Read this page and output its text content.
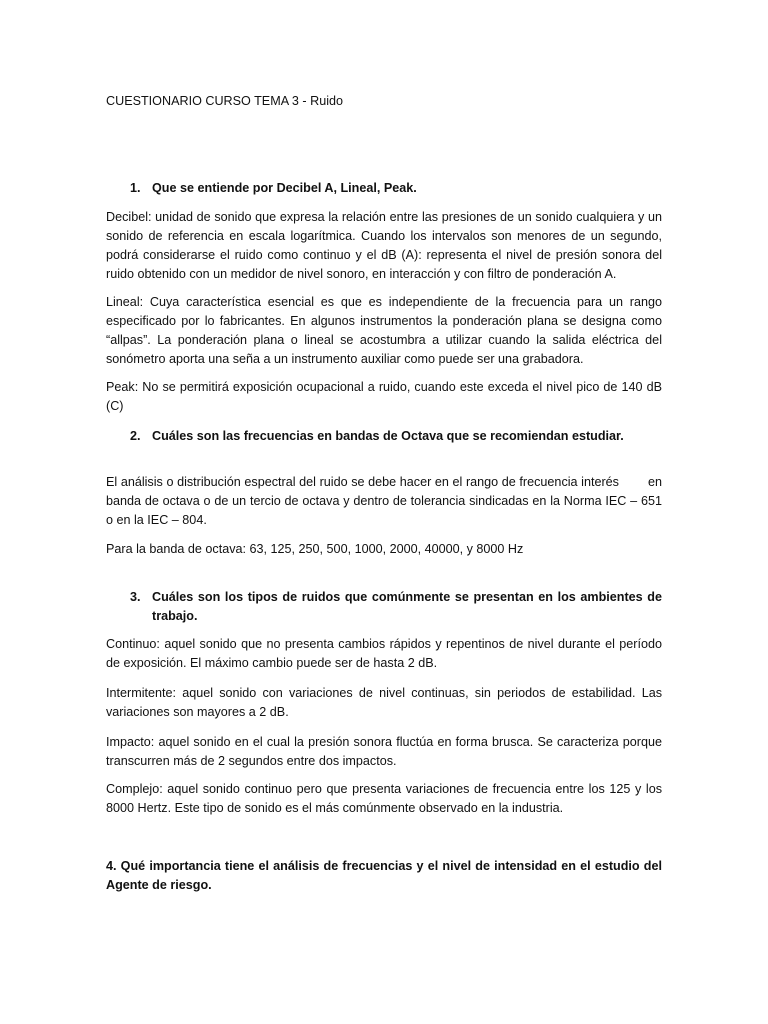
CUESTIONARIO CURSO TEMA 3 - Ruido

1. Que se entiende por Decibel A, Lineal, Peak.

Decibel: unidad de sonido que expresa la relación entre las presiones de un sonido cualquiera y un sonido de referencia en escala logarítmica. Cuando los intervalos son menores de un segundo, podrá considerarse el ruido como continuo y el dB (A): representa el nivel de presión sonora del ruido obtenido con un medidor de nivel sonoro, en interacción y con filtro de ponderación A.

Lineal: Cuya característica esencial es que es independiente de la frecuencia para un rango especificado por lo fabricantes. En algunos instrumentos la ponderación plana se designa como “allpas”. La ponderación plana o lineal se acostumbra a utilizar cuando la salida eléctrica del sonómetro aporta una seña a un instrumento auxiliar como puede ser una grabadora.

Peak: No se permitirá exposición ocupacional a ruido, cuando este exceda el nivel pico de 140 dB (C)

2. Cuáles son las frecuencias en bandas de Octava que se recomiendan estudiar.

El análisis o distribución espectral del ruido se debe hacer en el rango de frecuencia interés        en banda de octava o de un tercio de octava y dentro de tolerancia sindicadas en la Norma IEC – 651 o en la IEC – 804.

Para la banda de octava: 63, 125, 250, 500, 1000, 2000, 40000, y 8000 Hz

3. Cuáles son los tipos de ruidos que comúnmente se presentan en los ambientes de trabajo.

Continuo: aquel sonido que no presenta cambios rápidos y repentinos de nivel durante el período de exposición. El máximo cambio puede ser de hasta 2 dB.

Intermitente: aquel sonido con variaciones de nivel continuas, sin periodos de estabilidad. Las variaciones son mayores a 2 dB.

Impacto: aquel sonido en el cual la presión sonora fluctúa en forma brusca. Se caracteriza porque transcurren más de 2 segundos entre dos impactos.

Complejo: aquel sonido continuo pero que presenta variaciones de frecuencia entre los 125 y los 8000 Hertz. Este tipo de sonido es el más comúnmente observado en la industria.

4. Qué importancia tiene el análisis de frecuencias y el nivel de intensidad en el estudio del Agente de riesgo.
